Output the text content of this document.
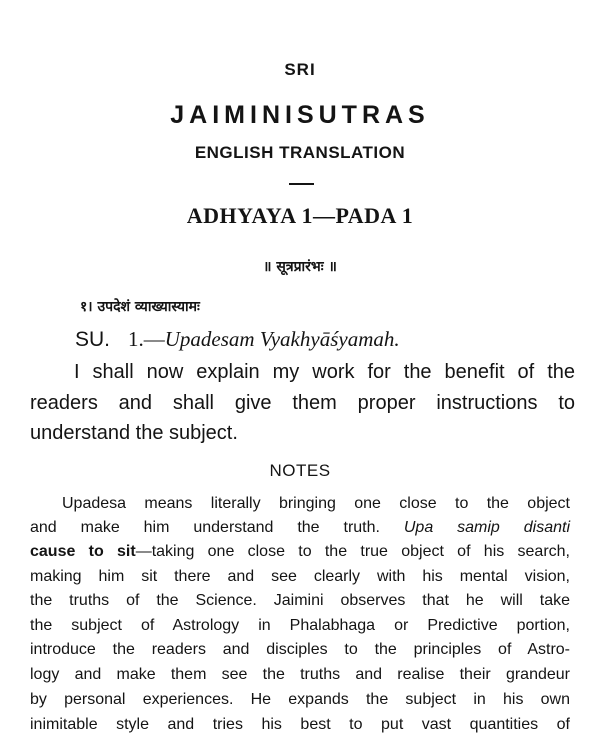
SRI
JAIMINISUTRAS
ENGLISH TRANSLATION
ADHYAYA 1—PADA 1
॥ सूत्रप्रारंभः ॥
१। उपदेशं व्याख्यास्यामः
SU. 1.—Upadesam Vyakhyāśyamah.
I shall now explain my work for the benefit of the
readers and shall give them proper instructions to
understand the subject.
NOTES
Upadesa means literally bringing one close to the object
and make him understand the truth. Upa samip disanti
cause to sit—taking one close to the true object of his search,
making him sit there and see clearly with his mental vision,
the truths of the Science. Jaimini observes that he will take
the subject of Astrology in Phalabhaga or Predictive portion,
introduce the readers and disciples to the principles of Astro-
logy and make them see the truths and realise their grandeur
by personal experiences. He expands the subject in his own
inimitable style and tries his best to put vast quantities of
